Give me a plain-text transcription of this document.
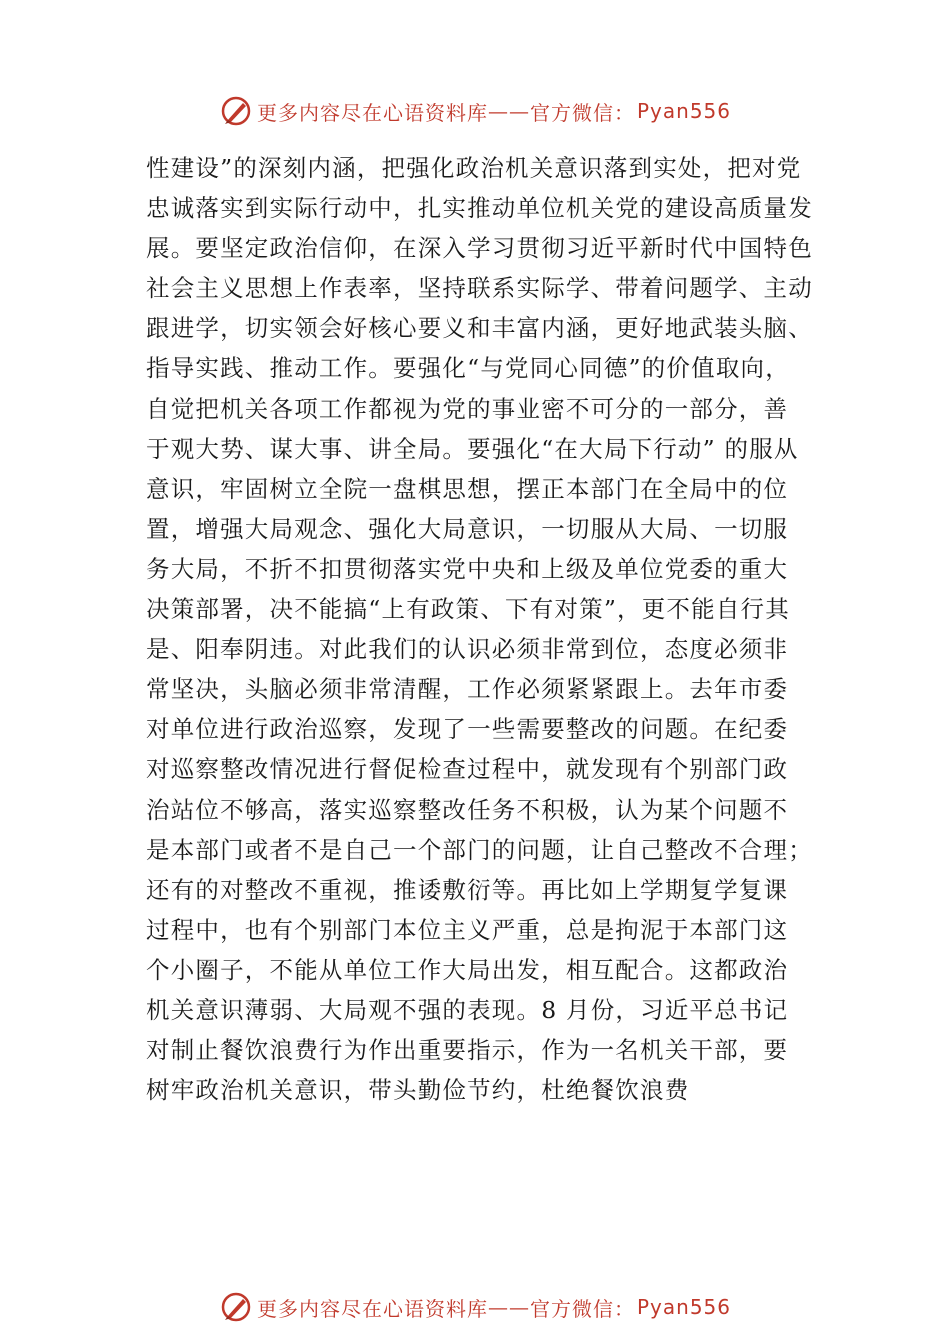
更多内容尽在心语资料库 —— 官方微信： Pyan556
性建设”的深刻内涵，把强化政治机关意识落到实处，把对党
忠诚落实到实际行动中，扎实推动单位机关党的建设高质量发
展。要坚定政治信仰，在深入学习贯彻习近平新时代中国特色
社会主义思想上作表率，坚持联系实际学、带着问题学、主动
跟进学，切实领会好核心要义和丰富内涵，更好地武装头脑、
指导实践、推动工作。要强化“与党同心同德”的价值取向，
自觉把机关各项工作都视为党的事业密不可分的一部分，善
于观大势、谋大事、讲全局。要强化“在大局下行动” 的服从
意识，牢固树立全院一盘棋思想，摆正本部门在全局中的位
置，增强大局观念、强化大局意识，一切服从大局、一切服
务大局，不折不扣贯彻落实党中央和上级及单位党委的重大
决策部署，决不能搞“上有政策、下有对策”，更不能自行其
是、阳奉阴违。对此我们的认识必须非常到位，态度必须非
常坚决，头脑必须非常清醒，工作必须紧紧跟上。去年市委
对单位进行政治巡察，发现了一些需要整改的问题。在纪委
对巡察整改情况进行督促检查过程中，就发现有个别部门政
治站位不够高，落实巡察整改任务不积极，认为某个问题不
是本部门或者不是自己一个部门的问题，让自己整改不合理；
还有的对整改不重视，推诿敷衍等。再比如上学期复学复课
过程中，也有个别部门本位主义严重，总是拘泥于本部门这
个小圈子，不能从单位工作大局出发，相互配合。这都政治
机关意识薄弱、大局观不强的表现。8 月份，习近平总书记
对制止餐饮浪费行为作出重要指示，作为一名机关干部，要
树牢政治机关意识，带头勤俭节约，杜绝餐饮浪费
更多内容尽在心语资料库 —— 官方微信： Pyan556
